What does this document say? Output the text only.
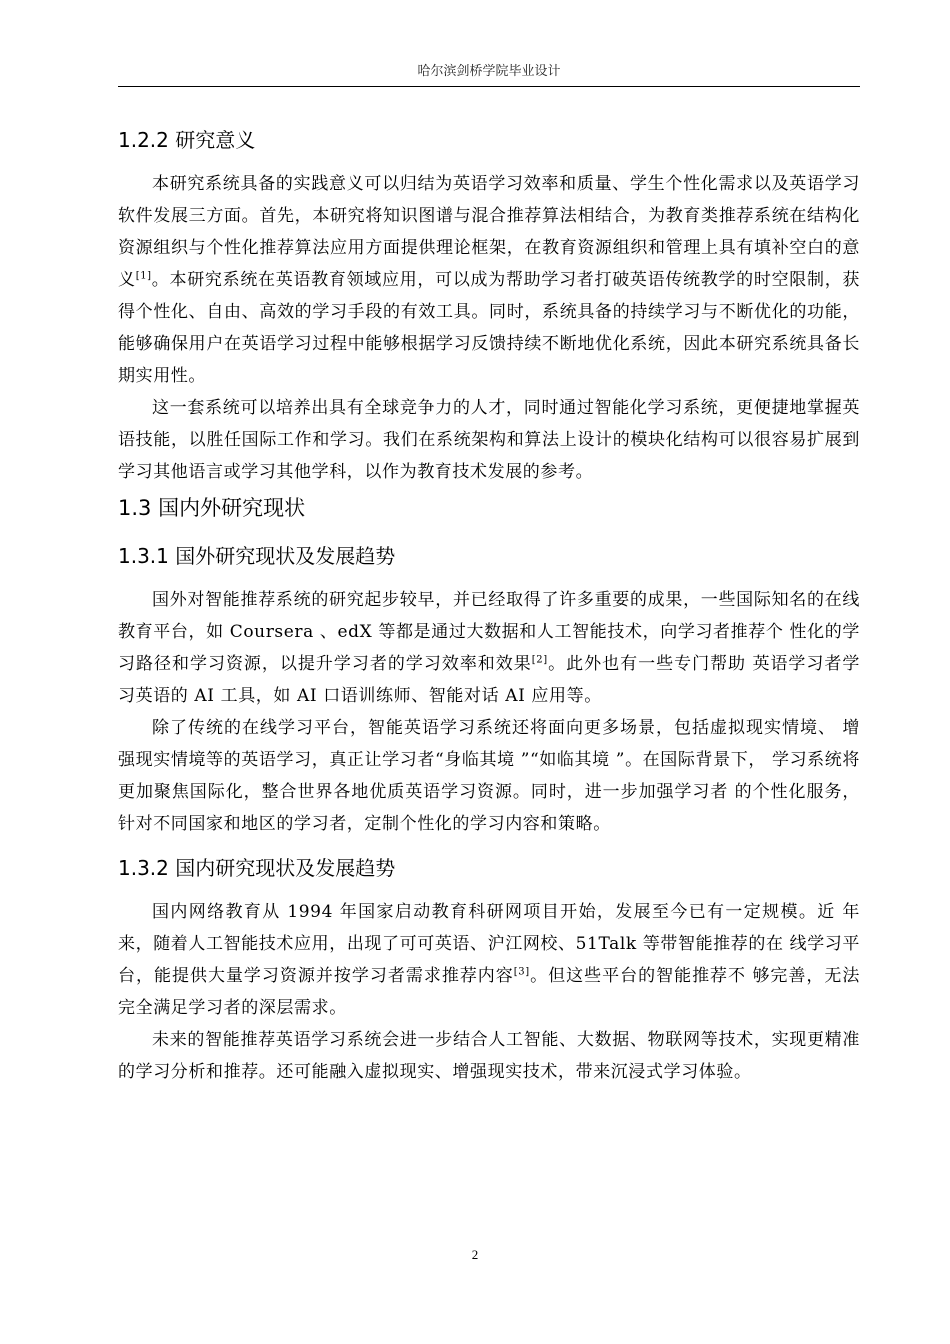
哈尔滨剑桥学院毕业设计
1.2.2 研究意义

本研究系统具备的实践意义可以归结为英语学习效率和质量、学生个性化需求以及英语学习软件发展三方面。首先，本研究将知识图谱与混合推荐算法相结合，为教育类推荐系统在结构化资源组织与个性化推荐算法应用方面提供理论框架，在教育资源组织和管理上具有填补空白的意义[1]。本研究系统在英语教育领域应用，可以成为帮助学习者打破英语传统教学的时空限制，获得个性化、自由、高效的学习手段的有效工具。同时，系统具备的持续学习与不断优化的功能，能够确保用户在英语学习过程中能够根据学习反馈持续不断地优化系统，因此本研究系统具备长期实用性。

这一套系统可以培养出具有全球竞争力的人才，同时通过智能化学习系统，更便捷地掌握英语技能，以胜任国际工作和学习。我们在系统架构和算法上设计的模块化结构可以很容易扩展到学习其他语言或学习其他学科，以作为教育技术发展的参考。

1.3 国内外研究现状
1.3.1 国外研究现状及发展趋势

国外对智能推荐系统的研究起步较早，并已经取得了许多重要的成果，一些国际知名的在线教育平台，如 Coursera 、edX 等都是通过大数据和人工智能技术，向学习者推荐个 性化的学习路径和学习资源，以提升学习者的学习效率和效果[2]。此外也有一些专门帮助 英语学习者学习英语的 AI 工具，如 AI 口语训练师、智能对话 AI 应用等。

除了传统的在线学习平台，智能英语学习系统还将面向更多场景，包括虚拟现实情境、 增强现实情境等的英语学习，真正让学习者“身临其境 ”“如临其境 ”。在国际背景下， 学习系统将更加聚焦国际化，整合世界各地优质英语学习资源。同时，进一步加强学习者 的个性化服务，针对不同国家和地区的学习者，定制个性化的学习内容和策略。

1.3.2 国内研究现状及发展趋势

国内网络教育从 1994 年国家启动教育科研网项目开始，发展至今已有一定规模。近 年来，随着人工智能技术应用，出现了可可英语、沪江网校、51Talk 等带智能推荐的在 线学习平台，能提供大量学习资源并按学习者需求推荐内容[3]。但这些平台的智能推荐不 够完善，无法完全满足学习者的深层需求。

未来的智能推荐英语学习系统会进一步结合人工智能、大数据、物联网等技术，实现更精准的学习分析和推荐。还可能融入虚拟现实、增强现实技术，带来沉浸式学习体验。

2
